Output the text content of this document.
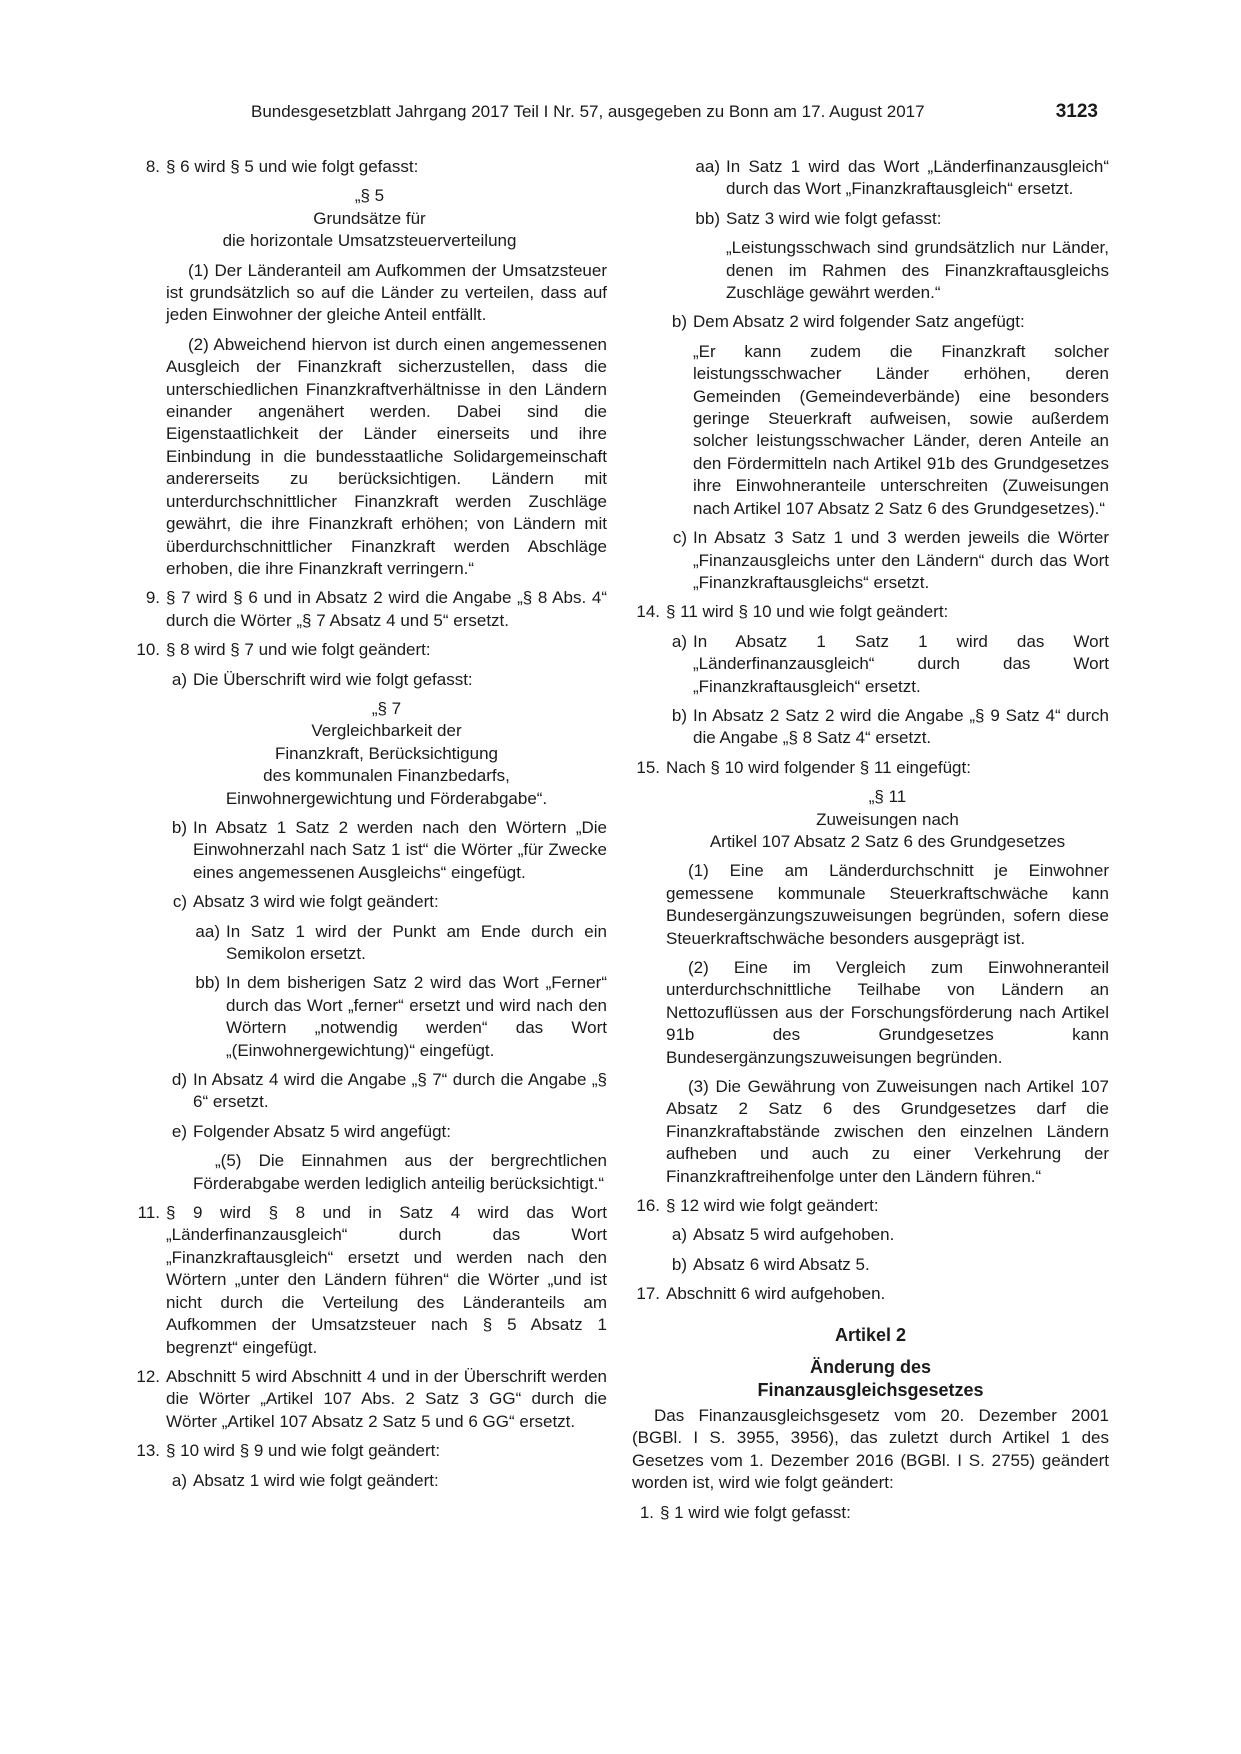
Bundesgesetzblatt Jahrgang 2017 Teil I Nr. 57, ausgegeben zu Bonn am 17. August 2017	3123
8. § 6 wird § 5 und wie folgt gefasst:

„§ 5

Grundsätze für

die horizontale Umsatzsteuerverteilung

(1) Der Länderanteil am Aufkommen der Umsatzsteuer ist grundsätzlich so auf die Länder zu verteilen, dass auf jeden Einwohner der gleiche Anteil entfällt.

(2) Abweichend hiervon ist durch einen angemessenen Ausgleich der Finanzkraft sicherzustellen, dass die unterschiedlichen Finanzkraftverhältnisse in den Ländern einander angenähert werden. Dabei sind die Eigenstaatlichkeit der Länder einerseits und ihre Einbindung in die bundesstaatliche Solidargemeinschaft andererseits zu berücksichtigen. Ländern mit unterdurchschnittlicher Finanzkraft werden Zuschläge gewährt, die ihre Finanzkraft erhöhen; von Ländern mit überdurchschnittlicher Finanzkraft werden Abschläge erhoben, die ihre Finanzkraft verringern.“

9. § 7 wird § 6 und in Absatz 2 wird die Angabe „§ 8 Abs. 4“ durch die Wörter „§ 7 Absatz 4 und 5“ ersetzt.
10. § 8 wird § 7 und wie folgt geändert:
a) Die Überschrift wird wie folgt gefasst:

„§ 7

Vergleichbarkeit der

Finanzkraft, Berücksichtigung

des kommunalen Finanzbedarfs,

Einwohnergewichtung und Förderabgabe“.

b) In Absatz 1 Satz 2 werden nach den Wörtern „Die Einwohnerzahl nach Satz 1 ist“ die Wörter „für Zwecke eines angemessenen Ausgleichs“ eingefügt.
c) Absatz 3 wird wie folgt geändert:
aa) In Satz 1 wird der Punkt am Ende durch ein Semikolon ersetzt.
bb) In dem bisherigen Satz 2 wird das Wort „Ferner“ durch das Wort „ferner“ ersetzt und wird nach den Wörtern „notwendig werden“ das Wort „(Einwohnergewichtung)“ eingefügt.
d) In Absatz 4 wird die Angabe „§ 7“ durch die Angabe „§ 6“ ersetzt.
e) Folgender Absatz 5 wird angefügt:

„(5) Die Einnahmen aus der bergrechtlichen Förderabgabe werden lediglich anteilig berücksichtigt.“

11. § 9 wird § 8 und in Satz 4 wird das Wort „Länderfinanzausgleich“ durch das Wort „Finanzkraftausgleich“ ersetzt und werden nach den Wörtern „unter den Ländern führen“ die Wörter „und ist nicht durch die Verteilung des Länderanteils am Aufkommen der Umsatzsteuer nach § 5 Absatz 1 begrenzt“ eingefügt.
12. Abschnitt 5 wird Abschnitt 4 und in der Überschrift werden die Wörter „Artikel 107 Abs. 2 Satz 3 GG“ durch die Wörter „Artikel 107 Absatz 2 Satz 5 und 6 GG“ ersetzt.
13. § 10 wird § 9 und wie folgt geändert:
a) Absatz 1 wird wie folgt geändert:
aa) In Satz 1 wird das Wort „Länderfinanzausgleich“ durch das Wort „Finanzkraftausgleich“ ersetzt.
bb) Satz 3 wird wie folgt gefasst:

„Leistungsschwach sind grundsätzlich nur Länder, denen im Rahmen des Finanzkraftausgleichs Zuschläge gewährt werden.“

b) Dem Absatz 2 wird folgender Satz angefügt:

„Er kann zudem die Finanzkraft solcher leistungsschwacher Länder erhöhen, deren Gemeinden (Gemeindeverbände) eine besonders geringe Steuerkraft aufweisen, sowie außerdem solcher leistungsschwacher Länder, deren Anteile an den Fördermitteln nach Artikel 91b des Grundgesetzes ihre Einwohneranteile unterschreiten (Zuweisungen nach Artikel 107 Absatz 2 Satz 6 des Grundgesetzes).“

c) In Absatz 3 Satz 1 und 3 werden jeweils die Wörter „Finanzausgleichs unter den Ländern“ durch das Wort „Finanzkraftausgleichs“ ersetzt.
14. § 11 wird § 10 und wie folgt geändert:
a) In Absatz 1 Satz 1 wird das Wort „Länderfinanzausgleich“ durch das Wort „Finanzkraftausgleich“ ersetzt.
b) In Absatz 2 Satz 2 wird die Angabe „§ 9 Satz 4“ durch die Angabe „§ 8 Satz 4“ ersetzt.
15. Nach § 10 wird folgender § 11 eingefügt:

„§ 11

Zuweisungen nach

Artikel 107 Absatz 2 Satz 6 des Grundgesetzes

(1) Eine am Länderdurchschnitt je Einwohner gemessene kommunale Steuerkraftschwäche kann Bundesergänzungszuweisungen begründen, sofern diese Steuerkraftschwäche besonders ausgeprägt ist.

(2) Eine im Vergleich zum Einwohneranteil unterdurchschnittliche Teilhabe von Ländern an Nettozuflüssen aus der Forschungsförderung nach Artikel 91b des Grundgesetzes kann Bundesergänzungszuweisungen begründen.

(3) Die Gewährung von Zuweisungen nach Artikel 107 Absatz 2 Satz 6 des Grundgesetzes darf die Finanzkraftabstände zwischen den einzelnen Ländern aufheben und auch zu einer Verkehrung der Finanzkraftreihenfolge unter den Ländern führen.“

16. § 12 wird wie folgt geändert:
a) Absatz 5 wird aufgehoben.
b) Absatz 6 wird Absatz 5.
17. Abschnitt 6 wird aufgehoben.

Artikel 2

Änderung des

Finanzausgleichsgesetzes

Das Finanzausgleichsgesetz vom 20. Dezember 2001 (BGBl. I S. 3955, 3956), das zuletzt durch Artikel 1 des Gesetzes vom 1. Dezember 2016 (BGBl. I S. 2755) geändert worden ist, wird wie folgt geändert:

1. § 1 wird wie folgt gefasst:
